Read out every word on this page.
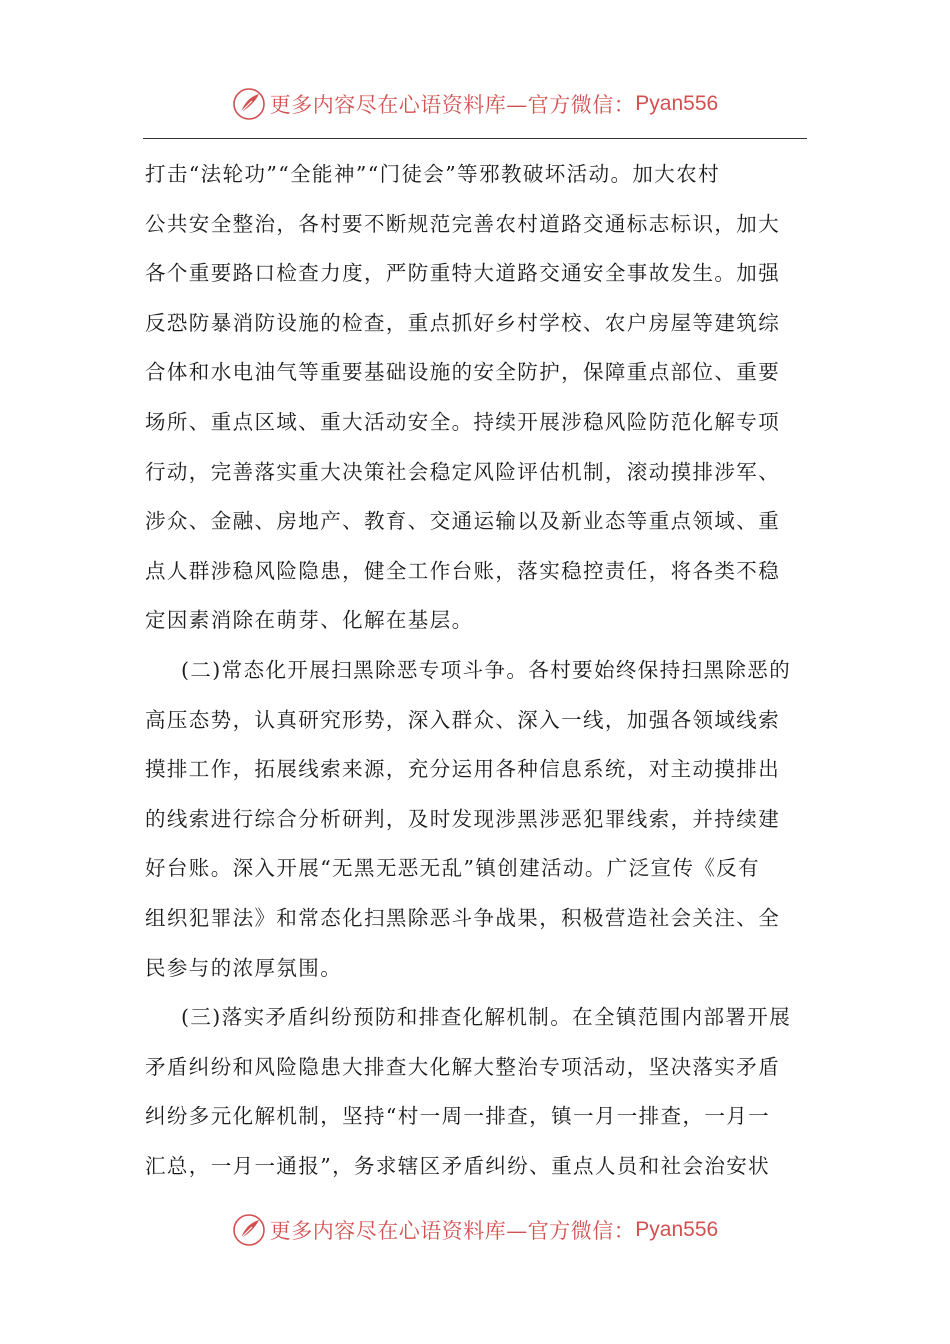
更多内容尽在心语资料库—官方微信： Pyan556
打击“法轮功”“全能神”“门徒会”等邪教破坏活动。加大农村
公共安全整治，各村要不断规范完善农村道路交通标志标识，加大
各个重要路口检查力度，严防重特大道路交通安全事故发生。加强
反恐防暴消防设施的检查，重点抓好乡村学校、农户房屋等建筑综
合体和水电油气等重要基础设施的安全防护，保障重点部位、重要
场所、重点区域、重大活动安全。持续开展涉稳风险防范化解专项
行动，完善落实重大决策社会稳定风险评估机制，滚动摸排涉军、
涉众、金融、房地产、教育、交通运输以及新业态等重点领域、重
点人群涉稳风险隐患，健全工作台账，落实稳控责任，将各类不稳
定因素消除在萌芽、化解在基层。
(二)常态化开展扫黑除恶专项斗争。各村要始终保持扫黑除恶的
高压态势，认真研究形势，深入群众、深入一线，加强各领域线索
摸排工作，拓展线索来源，充分运用各种信息系统，对主动摸排出
的线索进行综合分析研判，及时发现涉黑涉恶犯罪线索，并持续建
好台账。深入开展“无黑无恶无乱”镇创建活动。广泛宣传《反有
组织犯罪法》和常态化扫黑除恶斗争战果，积极营造社会关注、全
民参与的浓厚氛围。
(三)落实矛盾纠纷预防和排查化解机制。在全镇范围内部署开展
矛盾纠纷和风险隐患大排查大化解大整治专项活动，坚决落实矛盾
纠纷多元化解机制，坚持“村一周一排查，镇一月一排查，一月一
汇总，一月一通报”，务求辖区矛盾纠纷、重点人员和社会治安状
更多内容尽在心语资料库—官方微信： Pyan556
